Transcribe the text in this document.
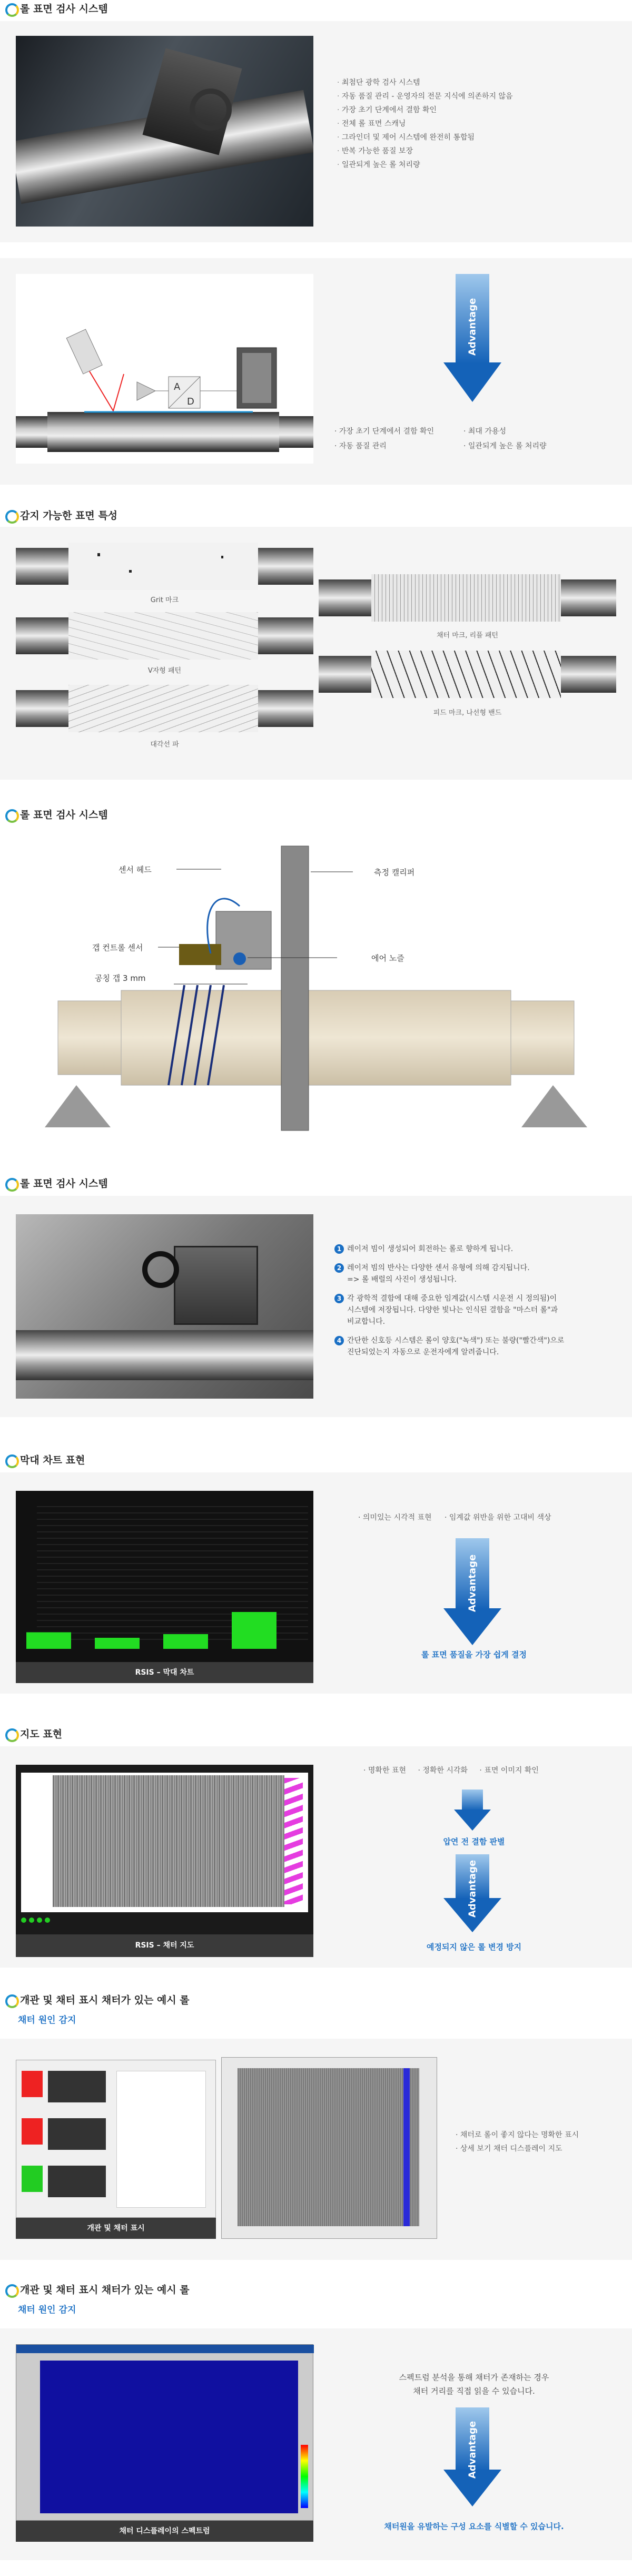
롤 표면 검사 시스템
· 최첨단 광학 검사 시스템
· 자동 품질 관리 - 운영자의 전문 지식에 의존하지 않음
· 가장 초기 단계에서 결함 확인
· 전체 롤 표면 스캐닝
· 그라인더 및 제어 시스템에 완전히 통합됨
· 반복 가능한 품질 보장
· 일관되게 높은 롤 처리량
A
D
Advantage
· 가장 초기 단계에서 결함 확인
· 자동 품질 관리
· 최대 가용성
· 일관되게 높은 롤 처리량
감지 가능한 표면 특성
Grit 마크
V자형 패턴
대각선 파
채터 마크, 리플 패턴
피드 마크, 나선형 밴드
롤 표면 검사 시스템
센서 헤드
갭 컨트롤 센서
공칭 갭 3 mm
측정 캘리퍼
에어 노즐
롤 표면 검사 시스템
1 레이저 빔이 생성되어 회전하는 롤로 향하게 됩니다.
2 레이저 빔의 반사는 다양한 센서 유형에 의해 감지됩니다.
=> 롤 배럴의 사진이 생성됩니다.
3 각 광학적 결함에 대해 중요한 임계값(시스템 시운전 시 정의됨)이
시스템에 저장됩니다. 다양한 빛나는 인식된 결함을 "마스터 롤"과
비교합니다.
4 간단한 신호등 시스템은 롤이 양호("녹색") 또는 불량("빨간색")으로
진단되었는지 자동으로 운전자에게 알려줍니다.
막대 차트 표현
RSIS – 막대 차트
· 의미있는 시각적 표현 · 임계값 위반을 위한 고대비 색상
Advantage
롤 표면 품질을 가장 쉽게 결정
지도 표현
RSIS – 채터 지도
· 명확한 표현 · 정확한 시각화 · 표면 이미지 확인
압연 전 결함 판별
Advantage
예정되지 않은 롤 변경 방지
개관 및 채터 표시 채터가 있는 예시 롤
채터 원인 감지
개관 및 채터 표시
· 채터로 롤이 좋지 않다는 명확한 표시
· 상세 보기 채터 디스플레이 지도
개관 및 채터 표시 채터가 있는 예시 롤
채터 원인 감지
채터 디스플레이의 스펙트럼
스펙트럼 분석을 통해 채터가 존재하는 경우
채터 거리를 직접 읽을 수 있습니다.
Advantage
채터원을 유발하는 구성 요소를 식별할 수 있습니다.
